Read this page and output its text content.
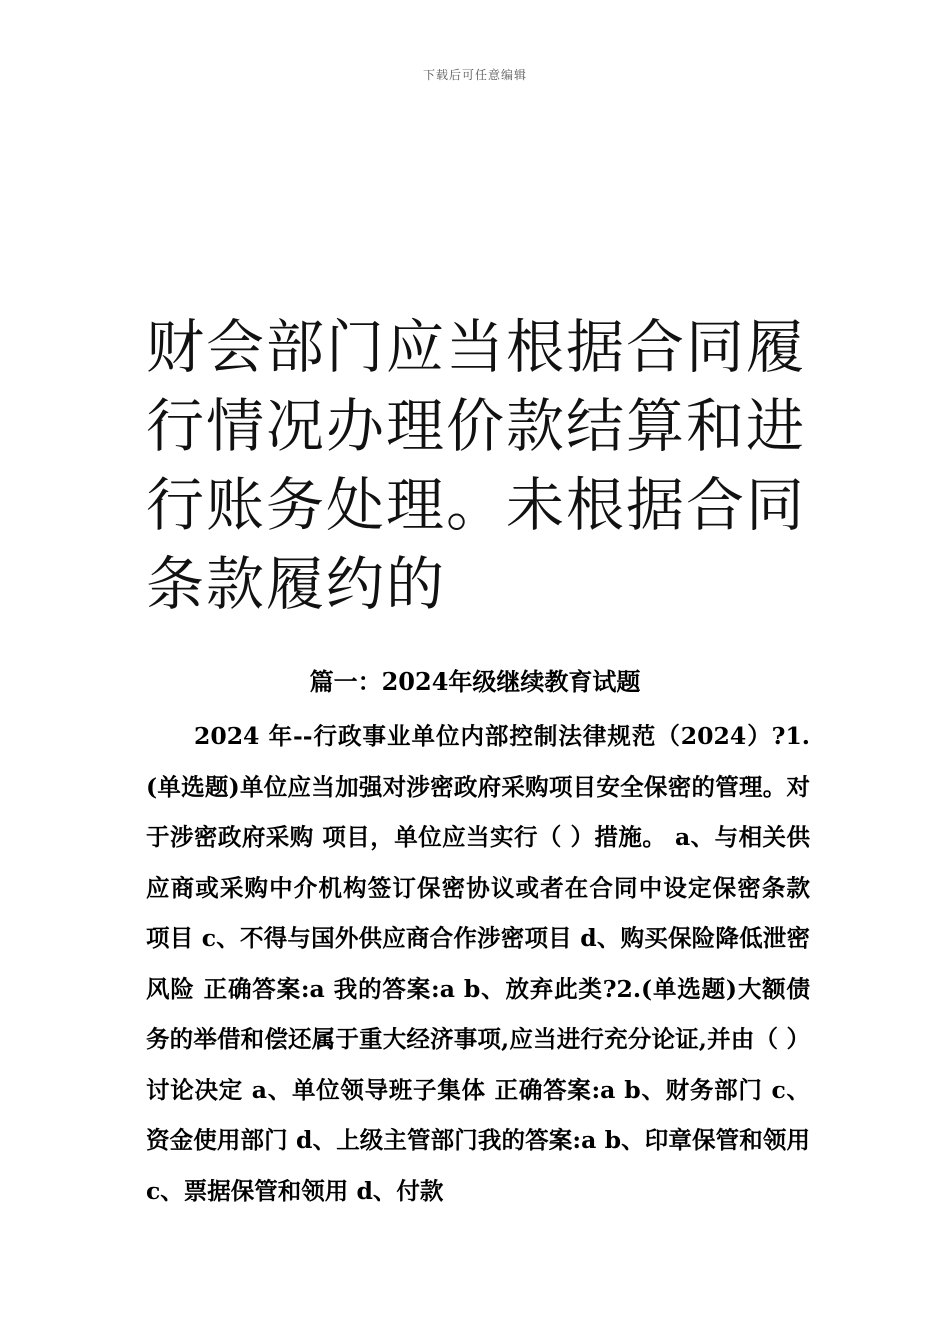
下载后可任意编辑
财会部门应当根据合同履行情况办理价款结算和进行账务处理。未根据合同条款履约的
篇一：2024年级继续教育试题

2024 年--行政事业单位内部控制法律规范（2024）?1.(单选题)单位应当加强对涉密政府采购项目安全保密的管理。对于涉密政府采购 项目，单位应当实行（ ）措施。 a、与相关供应商或采购中介机构签订保密协议或者在合同中设定保密条款 项目 c、不得与国外供应商合作涉密项目 d、购买保险降低泄密风险 正确答案:a 我的答案:a b、放弃此类?2.(单选题)大额债务的举借和偿还属于重大经济事项,应当进行充分论证,并由（ ） 讨论决定 a、单位领导班子集体 正确答案:a b、财务部门 c、资金使用部门 d、上级主管部门我的答案:a b、印章保管和领用 c、票据保管和领用 d、付款
